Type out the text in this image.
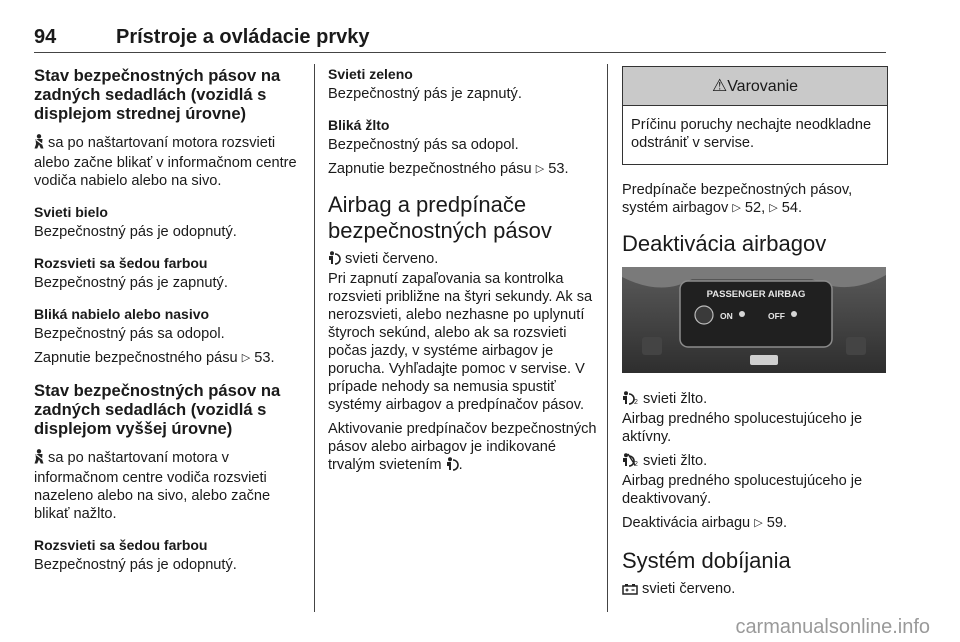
94	Prístroje a ovládacie prvky

Stav bezpečnostných pásov na zadných sedadlách (vozidlá s displejom strednej úrovne)

sa po naštartovaní motora rozsvieti alebo začne blikať v informačnom centre vodiča nabielo alebo na sivo.

Svieti bielo

Bezpečnostný pás je odopnutý.

Rozsvieti sa šedou farbou

Bezpečnostný pás je zapnutý.

Bliká nabielo alebo nasivo

Bezpečnostný pás sa odopol.

Zapnutie bezpečnostného pásu ▷ 53.

Stav bezpečnostných pásov na zadných sedadlách (vozidlá s displejom vyššej úrovne)

sa po naštartovaní motora v informačnom centre vodiča rozsvieti nazeleno alebo na sivo, alebo začne blikať nažlto.

Rozsvieti sa šedou farbou

Bezpečnostný pás je odopnutý.

Svieti zeleno

Bezpečnostný pás je zapnutý.

Bliká žlto

Bezpečnostný pás sa odopol.

Zapnutie bezpečnostného pásu ▷ 53.

Airbag a predpínače bezpečnostných pásov

svieti červeno.

Pri zapnutí zapaľovania sa kontrolka rozsvieti približne na štyri sekundy. Ak sa nerozsvieti, alebo nezhasne po uplynutí štyroch sekúnd, alebo ak sa rozsvieti počas jazdy, v systéme airbagov je porucha. Vyhľadajte pomoc v servise. V prípade nehody sa nemusia spustiť systémy airbagov a predpínačov pásov.

Aktivovanie predpínačov bezpečnostných pásov alebo airbagov je indikované trvalým svietením .

⚠Varovanie
Príčinu poruchy nechajte neodkladne odstrániť v servise.

Predpínače bezpečnostných pásov, systém airbagov ▷ 52, ▷ 54.

Deaktivácia airbagov

PASSENGER AIRBAG
ON	OFF

2 svieti žlto.

Airbag predného spolucestujúceho je aktívny.

2 svieti žlto.

Airbag predného spolucestujúceho je deaktivovaný.

Deaktivácia airbagu ▷ 59.

Systém dobíjania

svieti červeno.

carmanualsonline.info
